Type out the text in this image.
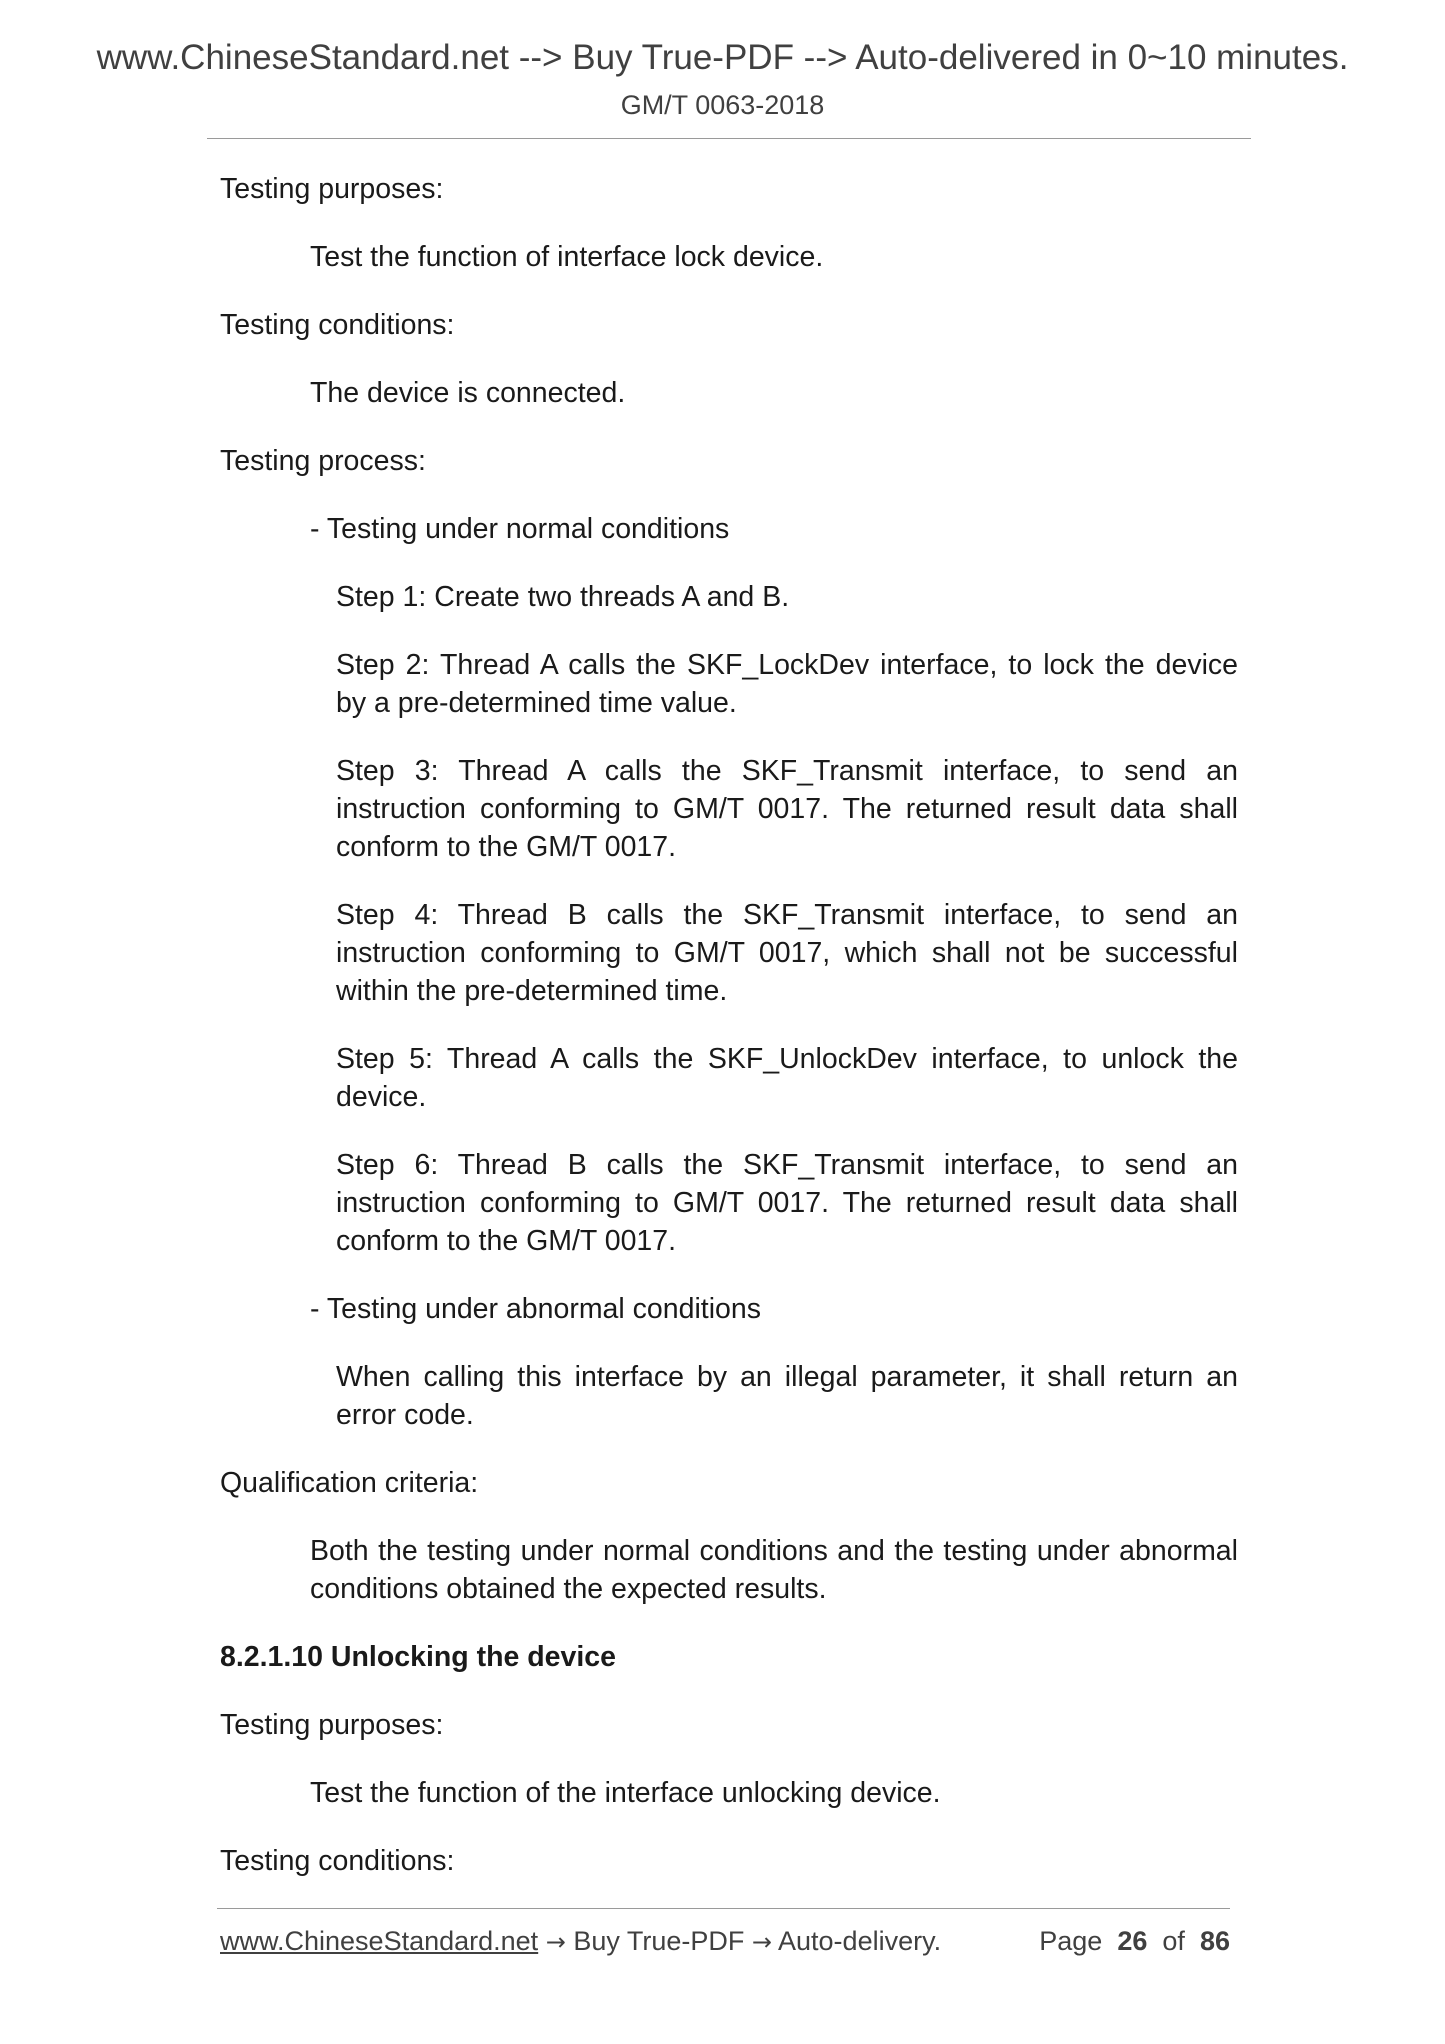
www.ChineseStandard.net --> Buy True-PDF --> Auto-delivered in 0~10 minutes.
GM/T 0063-2018

Testing purposes:

Test the function of interface lock device.

Testing conditions:

The device is connected.

Testing process:

- Testing under normal conditions

Step 1: Create two threads A and B.

Step 2: Thread A calls the SKF_LockDev interface, to lock the device by a pre-determined time value.

Step 3: Thread A calls the SKF_Transmit interface, to send an instruction conforming to GM/T 0017. The returned result data shall conform to the GM/T 0017.

Step 4: Thread B calls the SKF_Transmit interface, to send an instruction conforming to GM/T 0017, which shall not be successful within the pre-determined time.

Step 5: Thread A calls the SKF_UnlockDev interface, to unlock the device.

Step 6: Thread B calls the SKF_Transmit interface, to send an instruction conforming to GM/T 0017. The returned result data shall conform to the GM/T 0017.

- Testing under abnormal conditions

When calling this interface by an illegal parameter, it shall return an error code.

Qualification criteria:

Both the testing under normal conditions and the testing under abnormal conditions obtained the expected results.

8.2.1.10 Unlocking the device

Testing purposes:

Test the function of the interface unlocking device.

Testing conditions:

www.ChineseStandard.net → Buy True-PDF → Auto-delivery.	Page 26 of 86
